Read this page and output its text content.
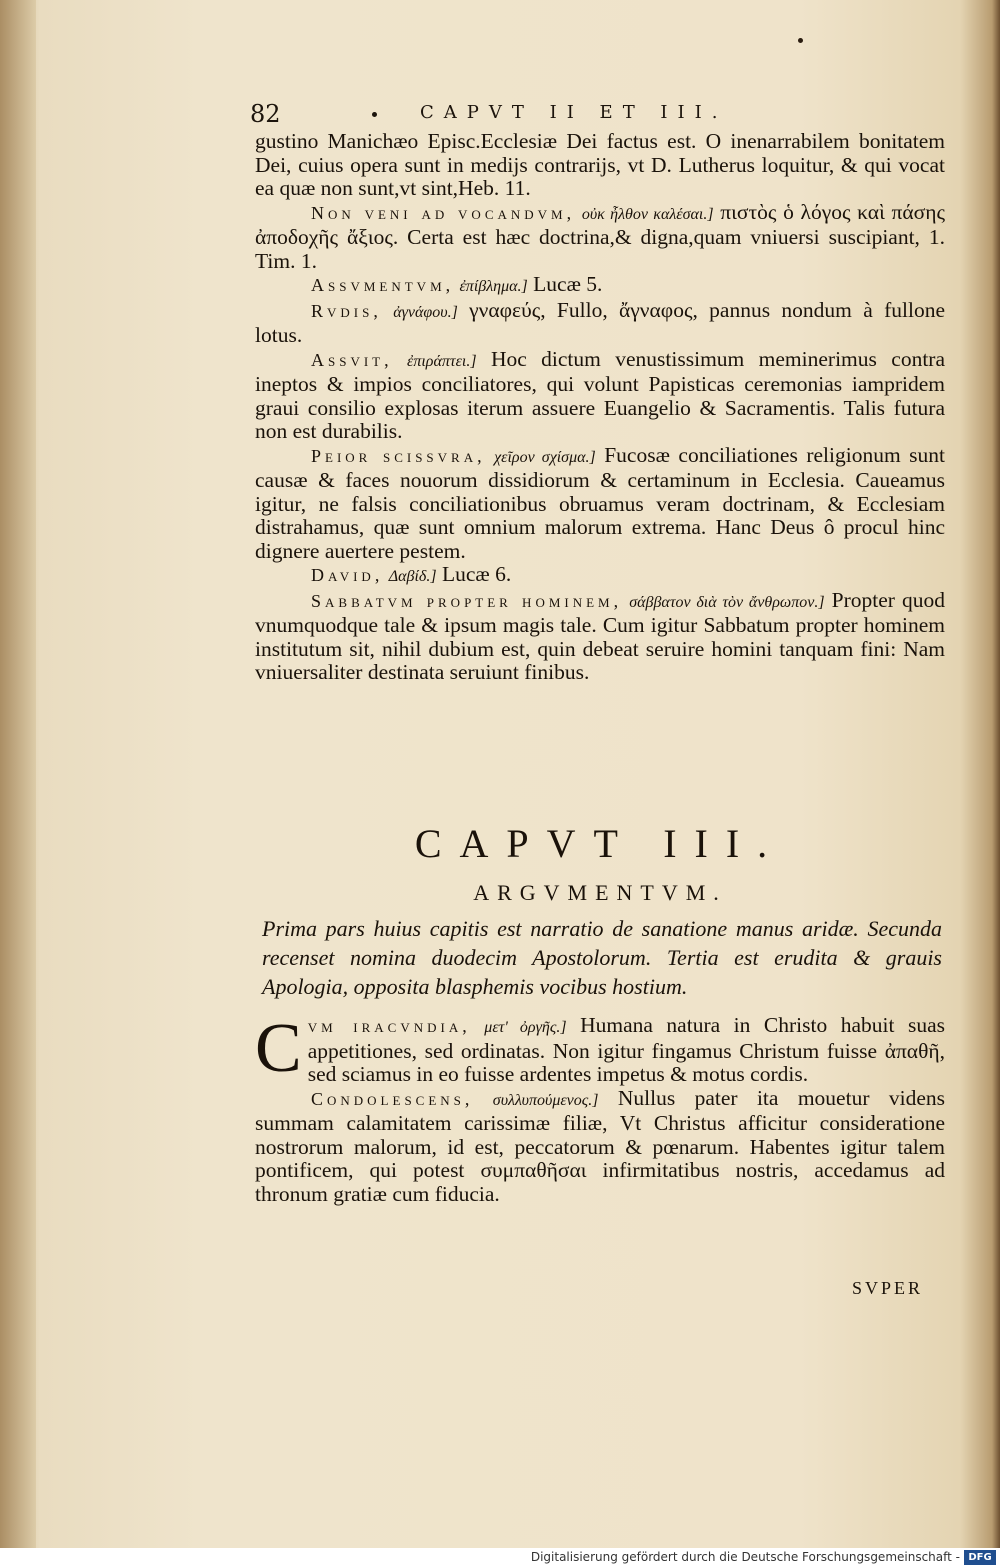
82	CAPVT II ET III.

gustino Manichæo Episc.Ecclesiæ Dei factus est. O inenarrabilem bonitatem Dei, cuius opera sunt in medijs contrarijs, vt D. Lutherus loquitur, & qui vocat ea quæ non sunt,vt sint,Heb. 11.

Non veni ad vocandvm, οὐκ ἦλθον καλέσαι.] πιστὸς ὁ λόγος καὶ πάσης ἀποδοχῆς ἄξιος. Certa est hæc doctrina,& digna,quam vniuersi suscipiant, 1. Tim. 1.

Assvmentvm, ἐπίβλημα.] Lucæ 5.

Rvdis, ἀγνάφου.] γναφεύς, Fullo, ἄγναφος, pannus nondum à fullone lotus.

Assvit, ἐπιράπτει.] Hoc dictum venustissimum meminerimus contra ineptos & impios conciliatores, qui volunt Papisticas ceremonias iampridem graui consilio explosas iterum assuere Euangelio & Sacramentis. Talis futura non est durabilis.

Peior scissvra, χεῖρον σχίσμα.] Fucosæ conciliationes religionum sunt causæ & faces nouorum dissidiorum & certaminum in Ecclesia. Caueamus igitur, ne falsis conciliationibus obruamus veram doctrinam, & Ecclesiam distrahamus, quæ sunt omnium malorum extrema. Hanc Deus ô procul hinc dignere auertere pestem.

David, Δαβίδ.] Lucæ 6.

Sabbatvm propter hominem, σάββατον διὰ τὸν ἄνθρωπον.] Propter quod vnumquodque tale & ipsum magis tale. Cum igitur Sabbatum propter hominem institutum sit, nihil dubium est, quin debeat seruire homini tanquam fini: Nam vniuersaliter destinata seruiunt finibus.

CAPVT III.
ARGVMENTVM.
Prima pars huius capitis est narratio de sanatione manus aridæ. Secunda recenset nomina duodecim Apostolorum. Tertia est erudita & grauis Apologia, opposita blasphemis vocibus hostium.

Cvm iracvndia, μετ' ὀργῆς.] Humana natura in Christo habuit suas appetitiones, sed ordinatas. Non igitur fingamus Christum fuisse ἀπαθῆ, sed sciamus in eo fuisse ardentes impetus & motus cordis.

Condolescens, συλλυπούμενος.] Nullus pater ita mouetur videns summam calamitatem carissimæ filiæ, Vt Christus afficitur consideratione nostrorum malorum, id est, peccatorum & pœnarum. Habentes igitur talem pontificem, qui potest συμπαθῆσαι infirmitatibus nostris, accedamus ad thronum gratiæ cum fiducia.

SVPER
Digitalisierung gefördert durch die Deutsche Forschungsgemeinschaft - DFG
